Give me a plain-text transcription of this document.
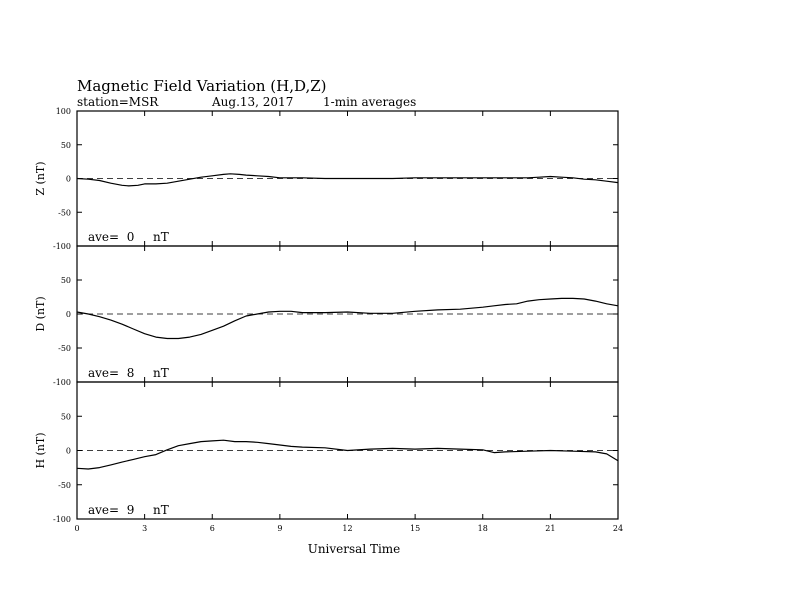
Magnetic Field Variation (H,D,Z)
station=MSR	Aug.13, 2017 1-min averages
100
50
0
-50
-100
Z (nT)
ave=  0 nT
50
0
-50
-100
D (nT)
ave=  8 nT
50
0
-50
-100
H (nT)
ave=  9 nT
0	3	6	9	12	15	18	21	24
Universal Time
